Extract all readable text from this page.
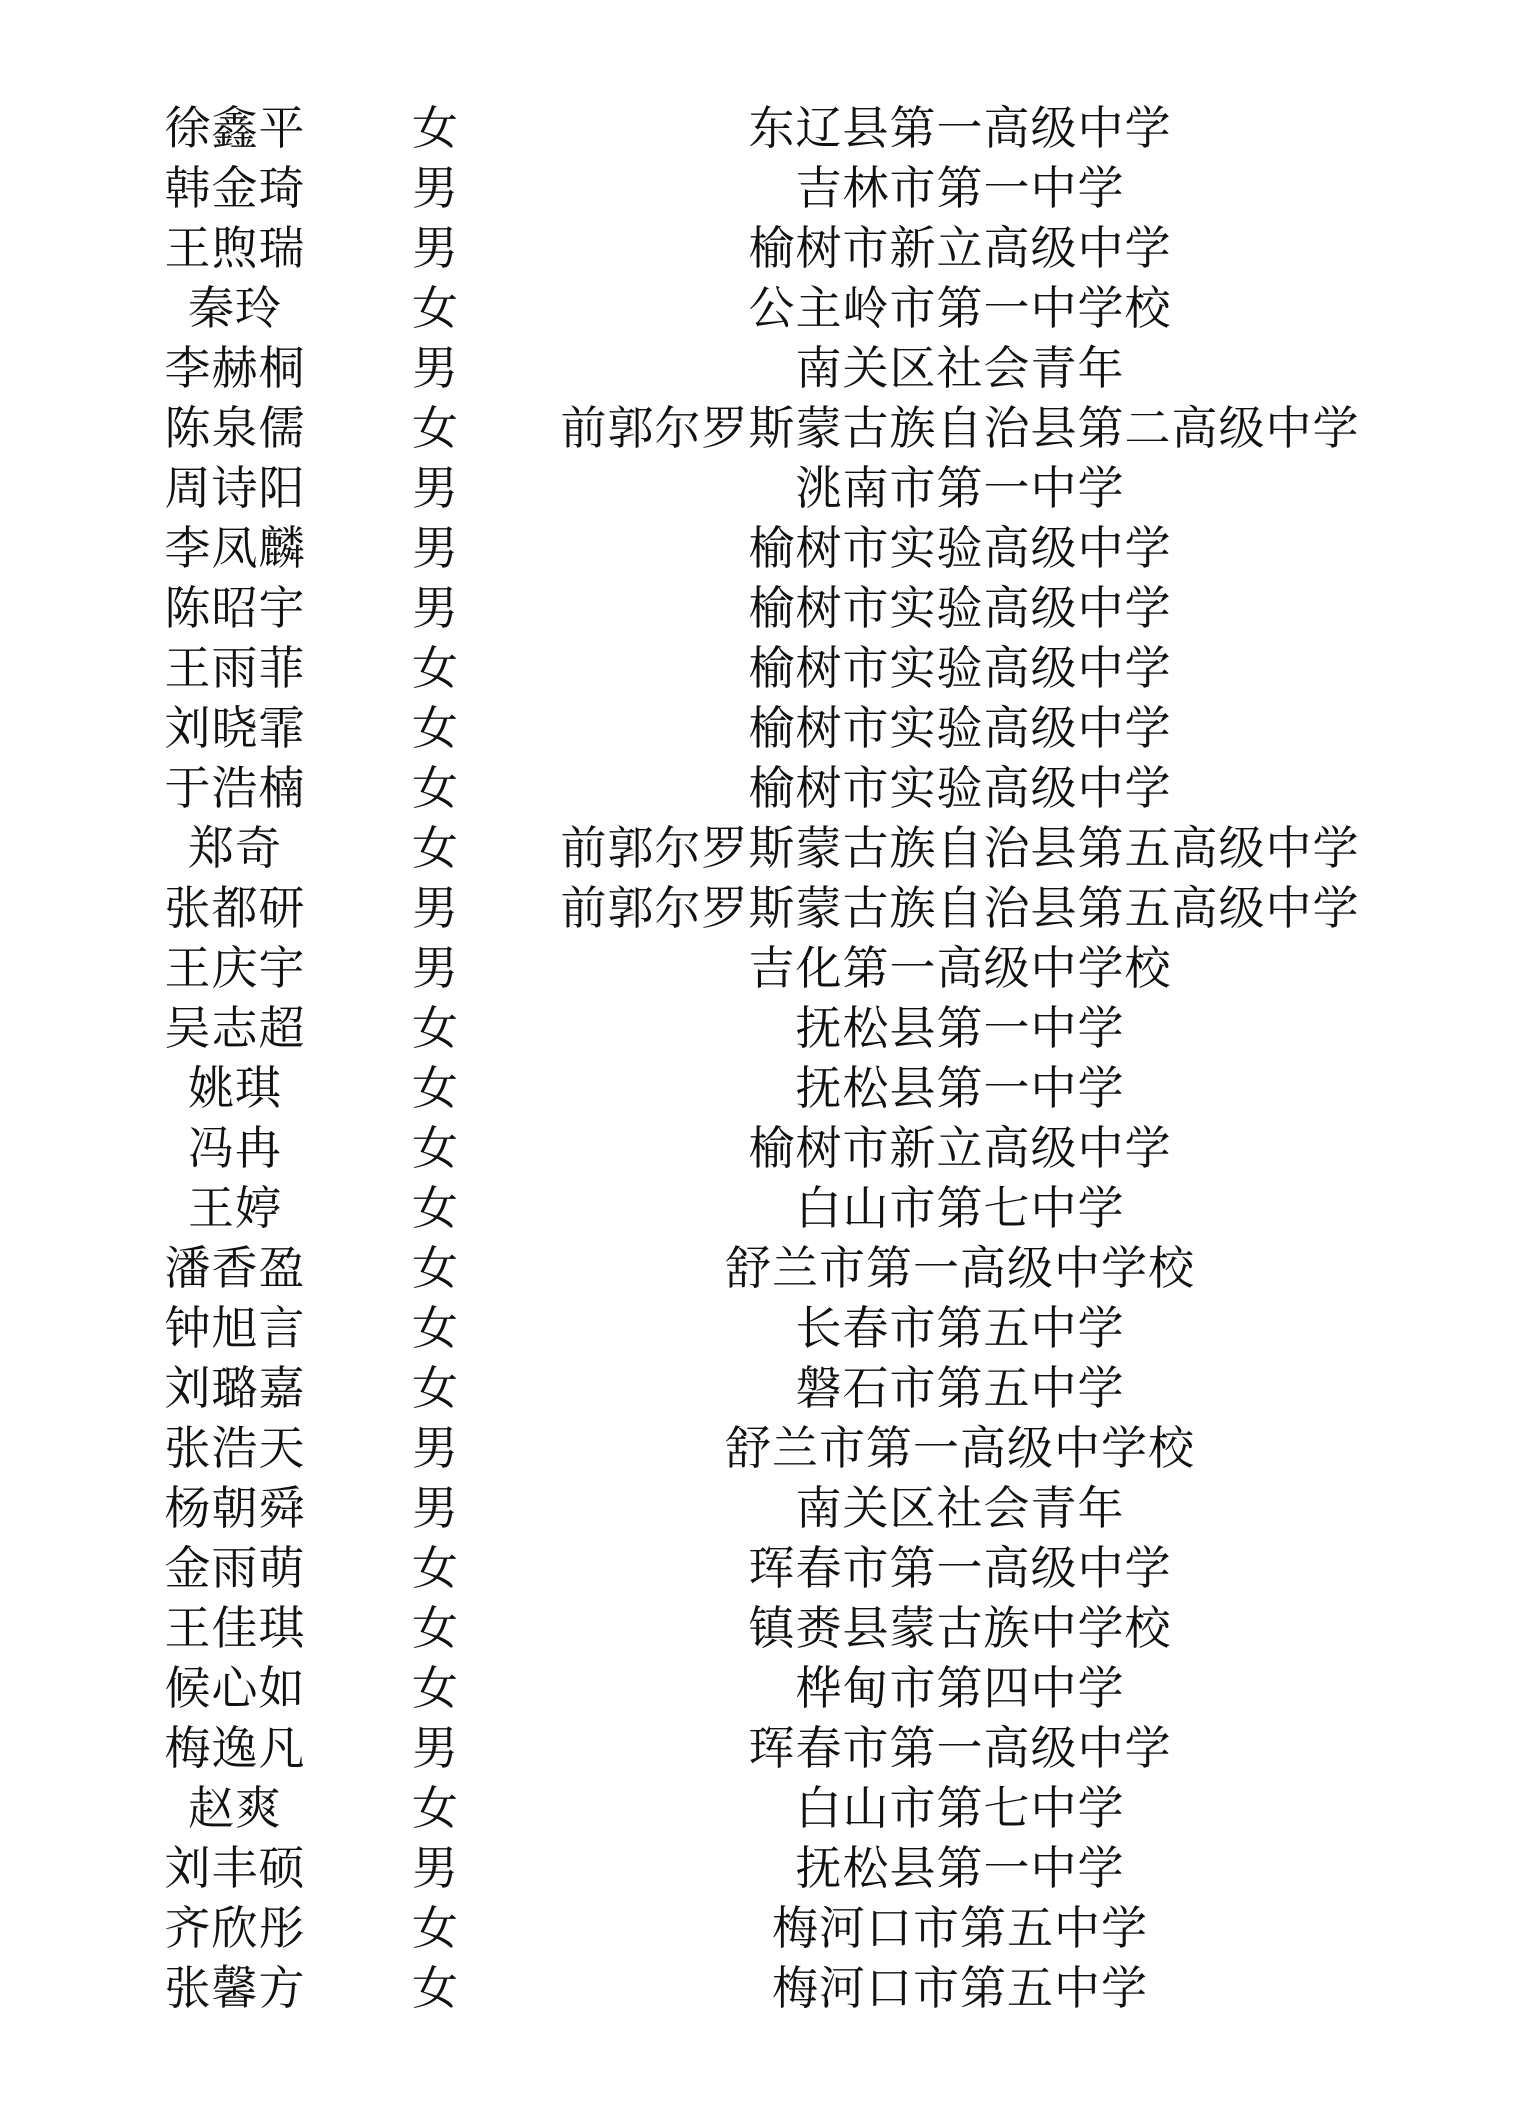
徐鑫平	女	东辽县第一高级中学
韩金琦	男	吉林市第一中学
王煦瑞	男	榆树市新立高级中学
秦玲	女	公主岭市第一中学校
李赫桐	男	南关区社会青年
陈泉儒	女	前郭尔罗斯蒙古族自治县第二高级中学
周诗阳	男	洮南市第一中学
李凤麟	男	榆树市实验高级中学
陈昭宇	男	榆树市实验高级中学
王雨菲	女	榆树市实验高级中学
刘晓霏	女	榆树市实验高级中学
于浩楠	女	榆树市实验高级中学
郑奇	女	前郭尔罗斯蒙古族自治县第五高级中学
张都研	男	前郭尔罗斯蒙古族自治县第五高级中学
王庆宇	男	吉化第一高级中学校
吴志超	女	抚松县第一中学
姚琪	女	抚松县第一中学
冯冉	女	榆树市新立高级中学
王婷	女	白山市第七中学
潘香盈	女	舒兰市第一高级中学校
钟旭言	女	长春市第五中学
刘璐嘉	女	磐石市第五中学
张浩天	男	舒兰市第一高级中学校
杨朝舜	男	南关区社会青年
金雨萌	女	珲春市第一高级中学
王佳琪	女	镇赉县蒙古族中学校
候心如	女	桦甸市第四中学
梅逸凡	男	珲春市第一高级中学
赵爽	女	白山市第七中学
刘丰硕	男	抚松县第一中学
齐欣彤	女	梅河口市第五中学
张馨方	女	梅河口市第五中学
